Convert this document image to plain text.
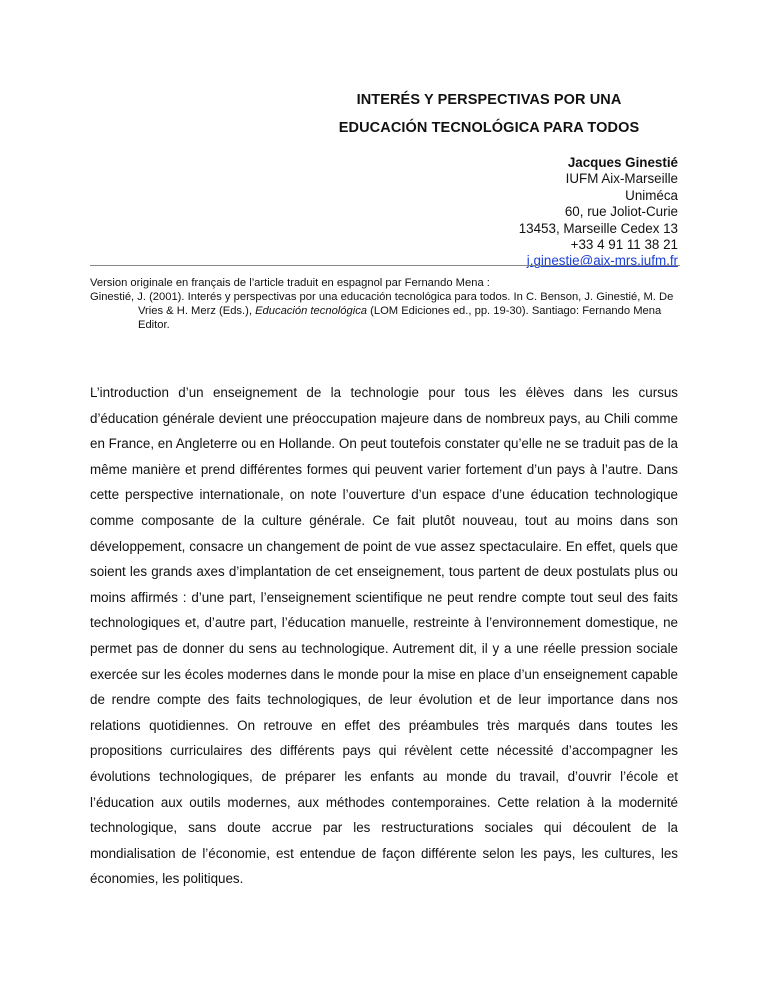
INTERÉS Y PERSPECTIVAS POR UNA
EDUCACIÓN TECNOLÓGICA PARA TODOS
Jacques Ginestié
IUFM Aix-Marseille
Uniméca
60, rue Joliot-Curie
13453, Marseille Cedex 13
+33 4 91 11 38 21
j.ginestie@aix-mrs.iufm.fr
Version originale en français de l’article traduit en espagnol par Fernando Mena :

Ginestié, J. (2001). Interés y perspectivas por una educación tecnológica para todos. In C. Benson, J. Ginestié, M. De Vries & H. Merz (Eds.), Educación tecnológica (LOM Ediciones ed., pp. 19-30). Santiago: Fernando Mena Editor.

L’introduction d’un enseignement de la technologie pour tous les élèves dans les cursus d’éducation générale devient une préoccupation majeure dans de nombreux pays, au Chili comme en France, en Angleterre ou en Hollande. On peut toutefois constater qu’elle ne se traduit pas de la même manière et prend différentes formes qui peuvent varier fortement d’un pays à l’autre. Dans cette perspective internationale, on note l’ouverture d’un espace d’une éducation technologique comme composante de la culture générale. Ce fait plutôt nouveau, tout au moins dans son développement, consacre un changement de point de vue assez spectaculaire. En effet, quels que soient les grands axes d’implantation de cet enseignement, tous partent de deux postulats plus ou moins affirmés : d’une part, l’enseignement scientifique ne peut rendre compte tout seul des faits technologiques et, d’autre part, l’éducation manuelle, restreinte à l’environnement domestique, ne permet pas de donner du sens au technologique. Autrement dit, il y a une réelle pression sociale exercée sur les écoles modernes dans le monde pour la mise en place d’un enseignement capable de rendre compte des faits technologiques, de leur évolution et de leur importance dans nos relations quotidiennes. On retrouve en effet des préambules très marqués dans toutes les propositions curriculaires des différents pays qui révèlent cette nécessité d’accompagner les évolutions technologiques, de préparer les enfants au monde du travail, d’ouvrir l’école et l’éducation aux outils modernes, aux méthodes contemporaines. Cette relation à la modernité technologique, sans doute accrue par les restructurations sociales qui découlent de la mondialisation de l’économie, est entendue de façon différente selon les pays, les cultures, les économies, les politiques.
